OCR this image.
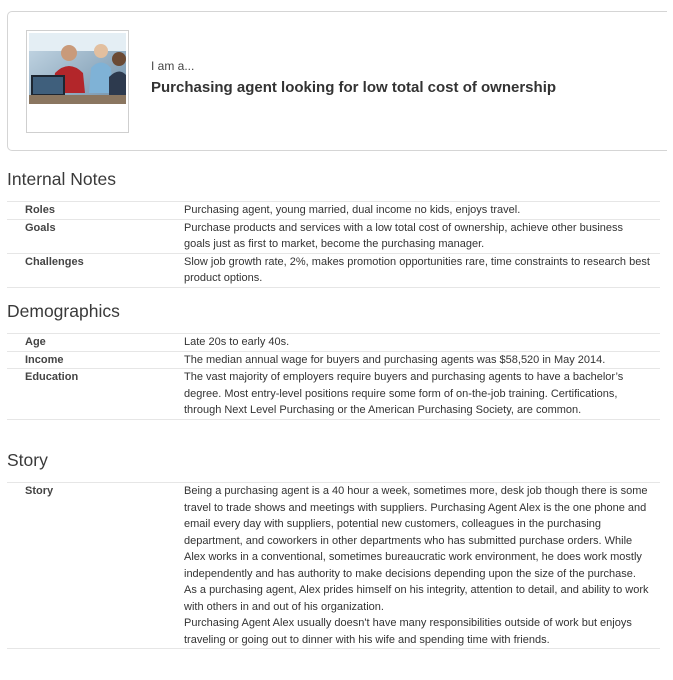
I am a...
Purchasing agent looking for low total cost of ownership
Internal Notes
Roles	Purchasing agent, young married, dual income no kids, enjoys travel.
Goals	Purchase products and services with a low total cost of ownership, achieve other business goals just as first to market, become the purchasing manager.
Challenges	Slow job growth rate, 2%, makes promotion opportunities rare, time constraints to research best product options.
Demographics
Age	Late 20s to early 40s.
Income	The median annual wage for buyers and purchasing agents was $58,520 in May 2014.
Education	The vast majority of employers require buyers and purchasing agents to have a bachelor’s degree. Most entry-level positions require some form of on-the-job training. Certifications, through Next Level Purchasing or the American Purchasing Society, are common.
Story
Story	Being a purchasing agent is a 40 hour a week, sometimes more, desk job though there is some travel to trade shows and meetings with suppliers. Purchasing Agent Alex is the one phone and email every day with suppliers, potential new customers, colleagues in the purchasing department, and coworkers in other departments who has submitted purchase orders. While Alex works in a conventional, sometimes bureaucratic work environment, he does work mostly independently and has authority to make decisions depending upon the size of the purchase.
As a purchasing agent, Alex prides himself on his integrity, attention to detail, and ability to work with others in and out of his organization.
Purchasing Agent Alex usually doesn't have many responsibilities outside of work but enjoys traveling or going out to dinner with his wife and spending time with friends.
